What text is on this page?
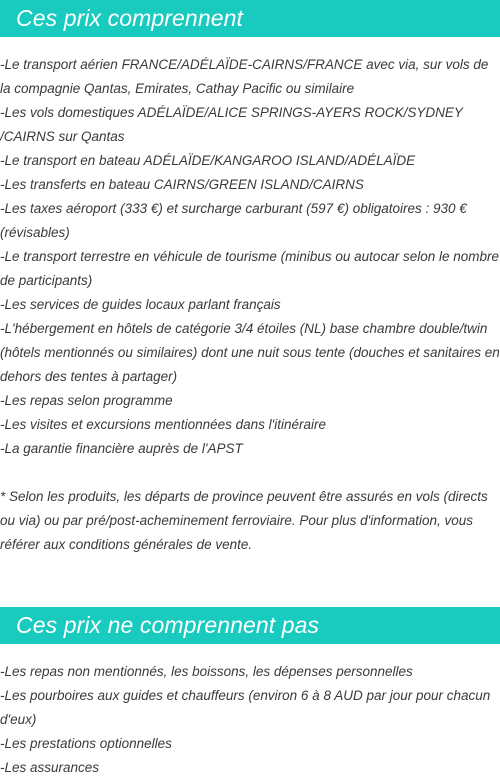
Ces prix comprennent

-Le transport aérien FRANCE/ADÉLAÏDE-CAIRNS/FRANCE avec via, sur vols de la compagnie Qantas, Emirates, Cathay Pacific ou similaire

-Les vols domestiques ADÉLAÏDE/ALICE SPRINGS-AYERS ROCK/SYDNEY /CAIRNS sur Qantas

-Le transport en bateau ADÉLAÏDE/KANGAROO ISLAND/ADÉLAÏDE

-Les transferts en bateau CAIRNS/GREEN ISLAND/CAIRNS

-Les taxes aéroport (333 €) et surcharge carburant (597 €) obligatoires : 930 € (révisables)

-Le transport terrestre en véhicule de tourisme (minibus ou autocar selon le nombre de participants)

-Les services de guides locaux parlant français

-L'hébergement en hôtels de catégorie 3/4 étoiles (NL) base chambre double/twin (hôtels mentionnés ou similaires) dont une nuit sous tente (douches et sanitaires en dehors des tentes à partager)

-Les repas selon programme

-Les visites et excursions mentionnées dans l'itinéraire

-La garantie financière auprès de l'APST

* Selon les produits, les départs de province peuvent être assurés en vols (directs ou via) ou par pré/post-acheminement ferroviaire. Pour plus d'information, vous référer aux conditions générales de vente.

Ces prix ne comprennent pas

-Les repas non mentionnés, les boissons, les dépenses personnelles

-Les pourboires aux guides et chauffeurs (environ 6 à 8 AUD par jour pour chacun d'eux)

-Les prestations optionnelles

-Les assurances
